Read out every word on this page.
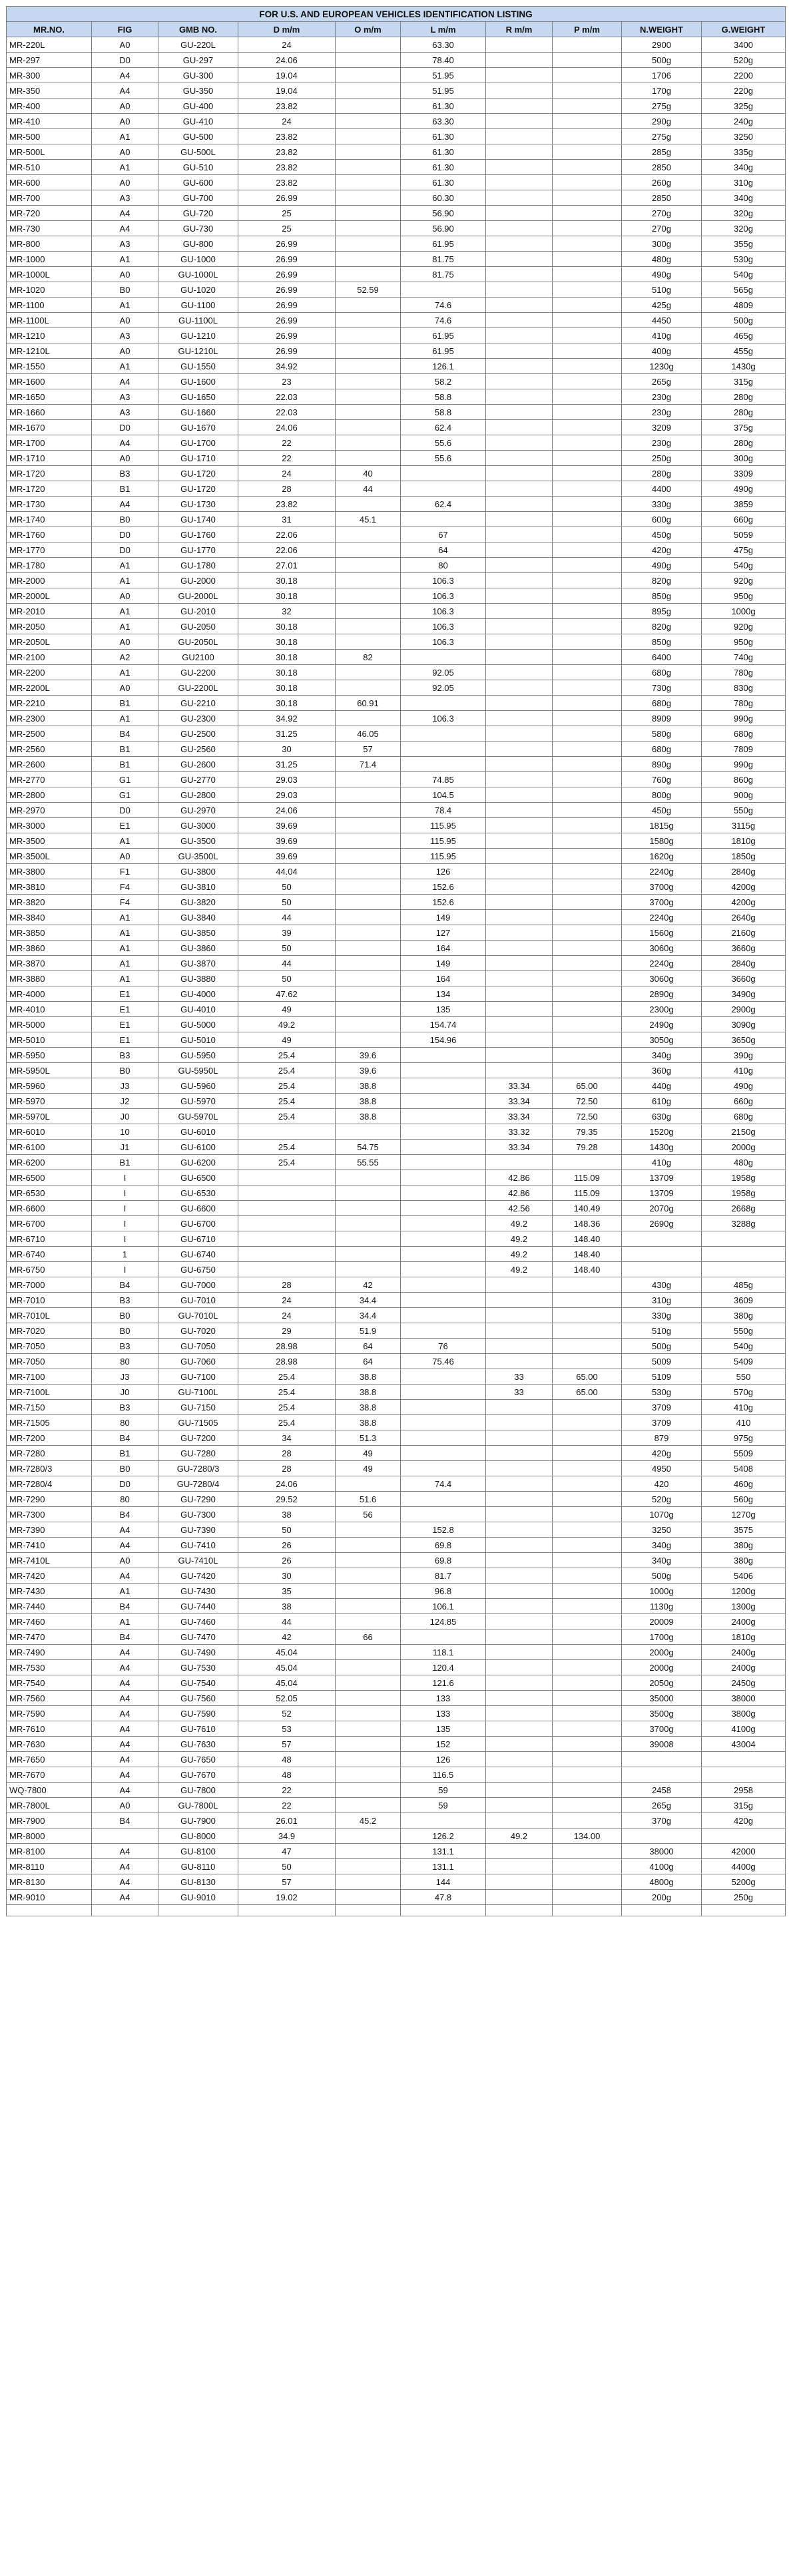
FOR U.S. AND EUROPEAN VEHICLES IDENTIFICATION LISTING									
MR.NO.	FIG	GMB NO.	D m/m	O m/m	L m/m	R m/m	P m/m	N.WEIGHT	G.WEIGHT
MR-220L	A0	GU-220L	24		63.30			2900	3400
MR-297	D0	GU-297	24.06		78.40			500g	520g
MR-300	A4	GU-300	19.04		51.95			1706	2200
MR-350	A4	GU-350	19.04		51.95			170g	220g
MR-400	A0	GU-400	23.82		61.30			275g	325g
MR-410	A0	GU-410	24		63.30			290g	240g
MR-500	A1	GU-500	23.82		61.30			275g	3250
MR-500L	A0	GU-500L	23.82		61.30			285g	335g
MR-510	A1	GU-510	23.82		61.30			2850	340g
MR-600	A0	GU-600	23.82		61.30			260g	310g
MR-700	A3	GU-700	26.99		60.30			2850	340g
MR-720	A4	GU-720	25		56.90			270g	320g
MR-730	A4	GU-730	25		56.90			270g	320g
MR-800	A3	GU-800	26.99		61.95			300g	355g
MR-1000	A1	GU-1000	26.99		81.75			480g	530g
MR-1000L	A0	GU-1000L	26.99		81.75			490g	540g
MR-1020	B0	GU-1020	26.99	52.59				510g	565g
MR-1100	A1	GU-1100	26.99		74.6			425g	4809
MR-1100L	A0	GU-1100L	26.99		74.6			4450	500g
MR-1210	A3	GU-1210	26.99		61.95			410g	465g
MR-1210L	A0	GU-1210L	26.99		61.95			400g	455g
MR-1550	A1	GU-1550	34.92		126.1			1230g	1430g
MR-1600	A4	GU-1600	23		58.2			265g	315g
MR-1650	A3	GU-1650	22.03		58.8			230g	280g
MR-1660	A3	GU-1660	22.03		58.8			230g	280g
MR-1670	D0	GU-1670	24.06		62.4			3209	375g
MR-1700	A4	GU-1700	22		55.6			230g	280g
MR-1710	A0	GU-1710	22		55.6			250g	300g
MR-1720	B3	GU-1720	24	40				280g	3309
MR-1720	B1	GU-1720	28	44				4400	490g
MR-1730	A4	GU-1730	23.82		62.4			330g	3859
MR-1740	B0	GU-1740	31	45.1				600g	660g
MR-1760	D0	GU-1760	22.06		67			450g	5059
MR-1770	D0	GU-1770	22.06		64			420g	475g
MR-1780	A1	GU-1780	27.01		80			490g	540g
MR-2000	A1	GU-2000	30.18		106.3			820g	920g
MR-2000L	A0	GU-2000L	30.18		106.3			850g	950g
MR-2010	A1	GU-2010	32		106.3			895g	1000g
MR-2050	A1	GU-2050	30.18		106.3			820g	920g
MR-2050L	A0	GU-2050L	30.18		106.3			850g	950g
MR-2100	A2	GU2100	30.18	82				6400	740g
MR-2200	A1	GU-2200	30.18		92.05			680g	780g
MR-2200L	A0	GU-2200L	30.18		92.05			730g	830g
MR-2210	B1	GU-2210	30.18	60.91				680g	780g
MR-2300	A1	GU-2300	34.92		106.3			8909	990g
MR-2500	B4	GU-2500	31.25	46.05				580g	680g
MR-2560	B1	GU-2560	30	57				680g	7809
MR-2600	B1	GU-2600	31.25	71.4				890g	990g
MR-2770	G1	GU-2770	29.03		74.85			760g	860g
MR-2800	G1	GU-2800	29.03		104.5			800g	900g
MR-2970	D0	GU-2970	24.06		78.4			450g	550g
MR-3000	E1	GU-3000	39.69		115.95			1815g	3115g
MR-3500	A1	GU-3500	39.69		115.95			1580g	1810g
MR-3500L	A0	GU-3500L	39.69		115.95			1620g	1850g
MR-3800	F1	GU-3800	44.04		126			2240g	2840g
MR-3810	F4	GU-3810	50		152.6			3700g	4200g
MR-3820	F4	GU-3820	50		152.6			3700g	4200g
MR-3840	A1	GU-3840	44		149			2240g	2640g
MR-3850	A1	GU-3850	39		127			1560g	2160g
MR-3860	A1	GU-3860	50		164			3060g	3660g
MR-3870	A1	GU-3870	44		149			2240g	2840g
MR-3880	A1	GU-3880	50		164			3060g	3660g
MR-4000	E1	GU-4000	47.62		134			2890g	3490g
MR-4010	E1	GU-4010	49		135			2300g	2900g
MR-5000	E1	GU-5000	49.2		154.74			2490g	3090g
MR-5010	E1	GU-5010	49		154.96			3050g	3650g
MR-5950	B3	GU-5950	25.4	39.6				340g	390g
MR-5950L	B0	GU-5950L	25.4	39.6				360g	410g
MR-5960	J3	GU-5960	25.4	38.8		33.34	65.00	440g	490g
MR-5970	J2	GU-5970	25.4	38.8		33.34	72.50	610g	660g
MR-5970L	J0	GU-5970L	25.4	38.8		33.34	72.50	630g	680g
MR-6010	10	GU-6010				33.32	79.35	1520g	2150g
MR-6100	J1	GU-6100	25.4	54.75		33.34	79.28	1430g	2000g
MR-6200	B1	GU-6200	25.4	55.55				410g	480g
MR-6500	I	GU-6500				42.86	115.09	13709	1958g
MR-6530	I	GU-6530				42.86	115.09	13709	1958g
MR-6600	I	GU-6600				42.56	140.49	2070g	2668g
MR-6700	I	GU-6700				49.2	148.36	2690g	3288g
MR-6710	I	GU-6710				49.2	148.40		
MR-6740	1	GU-6740				49.2	148.40		
MR-6750	I	GU-6750				49.2	148.40		
MR-7000	B4	GU-7000	28	42				430g	485g
MR-7010	B3	GU-7010	24	34.4				310g	3609
MR-7010L	B0	GU-7010L	24	34.4				330g	380g
MR-7020	B0	GU-7020	29	51.9				510g	550g
MR-7050	B3	GU-7050	28.98	64	76			500g	540g
MR-7050	80	GU-7060	28.98	64	75.46			5009	5409
MR-7100	J3	GU-7100	25.4	38.8		33	65.00	5109	550
MR-7100L	J0	GU-7100L	25.4	38.8		33	65.00	530g	570g
MR-7150	B3	GU-7150	25.4	38.8				3709	410g
MR-71505	80	GU-71505	25.4	38.8				3709	410
MR-7200	B4	GU-7200	34	51.3				879	975g
MR-7280	B1	GU-7280	28	49				420g	5509
MR-7280/3	B0	GU-7280/3	28	49				4950	5408
MR-7280/4	D0	GU-7280/4	24.06		74.4			420	460g
MR-7290	80	GU-7290	29.52	51.6				520g	560g
MR-7300	B4	GU-7300	38	56				1070g	1270g
MR-7390	A4	GU-7390	50		152.8			3250	3575
MR-7410	A4	GU-7410	26		69.8			340g	380g
MR-7410L	A0	GU-7410L	26		69.8			340g	380g
MR-7420	A4	GU-7420	30		81.7			500g	5406
MR-7430	A1	GU-7430	35		96.8			1000g	1200g
MR-7440	B4	GU-7440	38		106.1			1130g	1300g
MR-7460	A1	GU-7460	44		124.85			20009	2400g
MR-7470	B4	GU-7470	42	66				1700g	1810g
MR-7490	A4	GU-7490	45.04		118.1			2000g	2400g
MR-7530	A4	GU-7530	45.04		120.4			2000g	2400g
MR-7540	A4	GU-7540	45.04		121.6			2050g	2450g
MR-7560	A4	GU-7560	52.05		133			35000	38000
MR-7590	A4	GU-7590	52		133			3500g	3800g
MR-7610	A4	GU-7610	53		135			3700g	4100g
MR-7630	A4	GU-7630	57		152			39008	43004
MR-7650	A4	GU-7650	48		126				
MR-7670	A4	GU-7670	48		116.5				
WQ-7800	A4	GU-7800	22		59			2458	2958
MR-7800L	A0	GU-7800L	22		59			265g	315g
MR-7900	B4	GU-7900	26.01	45.2				370g	420g
MR-8000		GU-8000	34.9		126.2	49.2	134.00		
MR-8100	A4	GU-8100	47		131.1			38000	42000
MR-8110	A4	GU-8110	50		131.1			4100g	4400g
MR-8130	A4	GU-8130	57		144			4800g	5200g
MR-9010	A4	GU-9010	19.02		47.8			200g	250g
